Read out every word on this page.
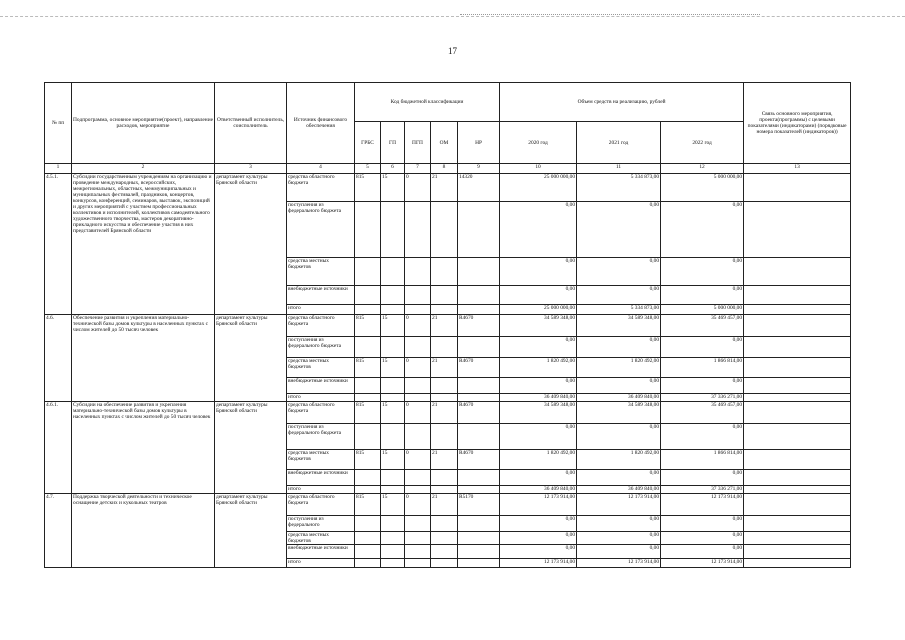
17
№ пп	Подпрограмма, основное мероприятие(проект), направление расходов, мероприятие	Ответственный исполнитель, соисполнитель	Источник финансового обеспечения	Код бюджетной классификации					Объем средств на реализацию, рублей			Связь основного мероприятия, проекта(программы) с целевыми показателями (индикаторами) (порядковые номера показателей (индикаторов))
				ГРБС	ГП	ПГП	ОМ	НР	2020 год	2021 год	2022 год	
1	2	3	4	5	6	7	8	9	10	11	12	13
4.5.1.	Субсидии государственным учреждениям на организацию и проведение международных, всероссийских, межрегиональных, областных, межмуниципальных и муниципальных фестивалей, праздников, концертов, конкурсов, конференций, семинаров, выставок, экспозиций и других мероприятий с участием профессиональных коллективов и исполнителей, коллективов самодеятельного художественного творчества, мастеров декоративно-прикладного искусства и обеспечение участия в них представителей Брянской области	департамент культуры Брянской области	средства областного бюджета	815	15	0	21	14320	25 000 000,00	5 334 873,00	5 000 000,00	
			поступления из федерального бюджета						0,00	0,00	0,00	
			средства местных бюджетов						0,00	0,00	0,00	
			внебюджетные источники						0,00	0,00	0,00	
			итого						25 000 000,00	5 334 873,00	5 000 000,00	
4.6.	Обеспечение развития и укрепления материально-технической базы домов культуры в населенных пунктах с числом жителей до 50 тысяч человек	департамент культуры Брянской области	средства областного бюджета	815	15	0	21	R4670	34 589 348,00	34 589 348,00	35 469 457,00	
			поступления из федерального бюджета						0,00	0,00	0,00	
			средства местных бюджетов	815	15	0	21	R4670	1 820 492,00	1 820 492,00	1 866 814,00	
			внебюджетные источники						0,00	0,00	0,00	
			итого						36 409 840,00	36 409 840,00	37 336 271,00	
4.6.1.	Субсидии на обеспечение развития и укрепления материально-технической базы домов культуры в населенных пунктах с числом жителей до 50 тысяч человек	департамент культуры Брянской области	средства областного бюджета	815	15	0	21	R4670	34 589 348,00	34 589 348,00	35 469 457,00	
			поступления из федерального бюджета						0,00	0,00	0,00	
			средства местных бюджетов	815	15	0	21	R4670	1 820 492,00	1 820 492,00	1 866 814,00	
			внебюджетные источники						0,00	0,00	0,00	
			итого						36 409 840,00	36 409 840,00	37 336 271,00	
4.7.	Поддержка творческой деятельности и техническое оснащение детских и кукольных театров	департамент культуры Брянской области	средства областного бюджета	815	15	0	21	R5170	12 173 914,00	12 173 914,00	12 173 914,00	
			поступления из федерального						0,00	0,00	0,00	
			средства местных бюджетов						0,00	0,00	0,00	
			внебюджетные источники						0,00	0,00	0,00	
			итого						12 173 914,00	12 173 914,00	12 173 914,00	
